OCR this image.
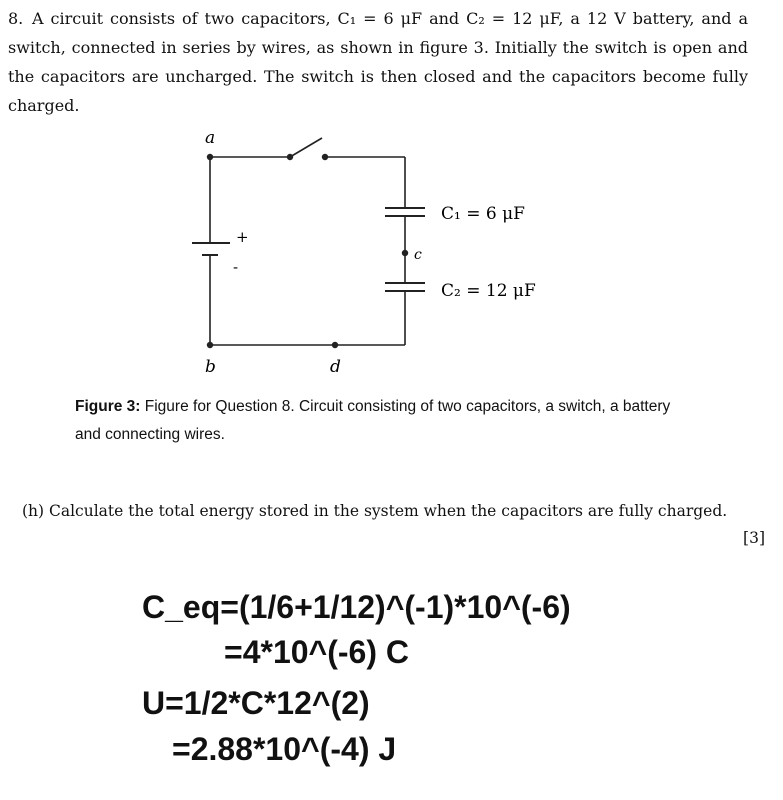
8. A circuit consists of two capacitors, C₁ = 6 μF and C₂ = 12 μF, a 12 V battery, and a switch, connected in series by wires, as shown in figure 3. Initially the switch is open and the capacitors are uncharged. The switch is then closed and the capacitors become fully charged.
a
b
c
d
+
-
C₁ = 6 μF
C₂ = 12 μF
Figure 3: Figure for Question 8. Circuit consisting of two capacitors, a switch, a battery and connecting wires.
(h) Calculate the total energy stored in the system when the capacitors are fully charged.
[3]
C_eq=(1/6+1/12)^(-1)*10^(-6)
=4*10^(-6) C
U=1/2*C*12^(2)
=2.88*10^(-4) J
